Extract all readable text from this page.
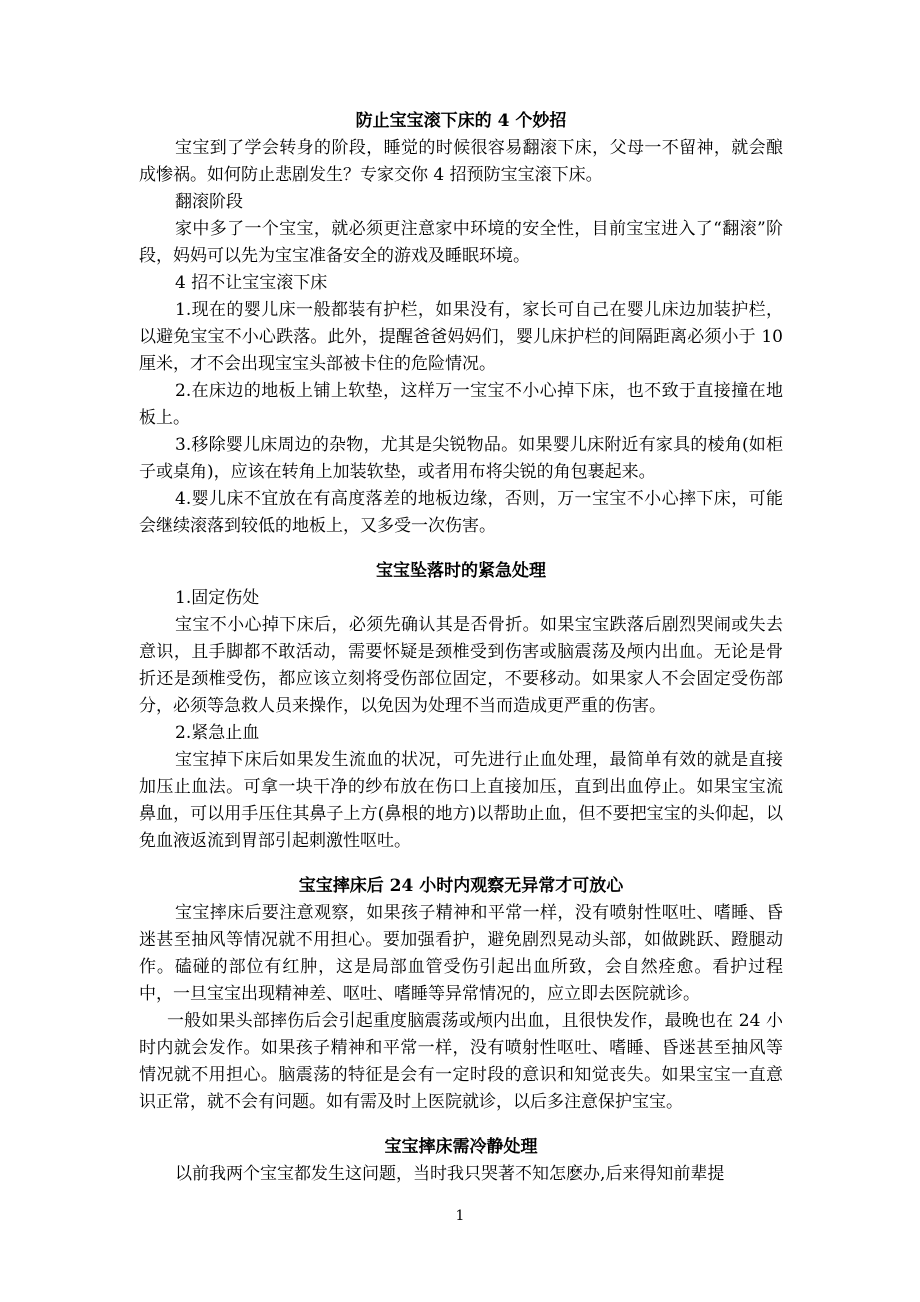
防止宝宝滚下床的 4 个妙招

宝宝到了学会转身的阶段，睡觉的时候很容易翻滚下床，父母一不留神，就会酿成惨祸。如何防止悲剧发生？专家交你 4 招预防宝宝滚下床。

翻滚阶段

家中多了一个宝宝，就必须更注意家中环境的安全性，目前宝宝进入了“翻滚”阶段，妈妈可以先为宝宝准备安全的游戏及睡眠环境。

4 招不让宝宝滚下床

1.现在的婴儿床一般都装有护栏，如果没有，家长可自己在婴儿床边加装护栏，以避免宝宝不小心跌落。此外，提醒爸爸妈妈们，婴儿床护栏的间隔距离必须小于 10 厘米，才不会出现宝宝头部被卡住的危险情况。

2.在床边的地板上铺上软垫，这样万一宝宝不小心掉下床，也不致于直接撞在地板上。

3.移除婴儿床周边的杂物，尤其是尖锐物品。如果婴儿床附近有家具的棱角(如柜子或桌角)，应该在转角上加装软垫，或者用布将尖锐的角包裹起来。

4.婴儿床不宜放在有高度落差的地板边缘，否则，万一宝宝不小心摔下床，可能会继续滚落到较低的地板上，又多受一次伤害。

宝宝坠落时的紧急处理

1.固定伤处

宝宝不小心掉下床后，必须先确认其是否骨折。如果宝宝跌落后剧烈哭闹或失去意识，且手脚都不敢活动，需要怀疑是颈椎受到伤害或脑震荡及颅内出血。无论是骨折还是颈椎受伤，都应该立刻将受伤部位固定，不要移动。如果家人不会固定受伤部分，必须等急救人员来操作，以免因为处理不当而造成更严重的伤害。

2.紧急止血

宝宝掉下床后如果发生流血的状况，可先进行止血处理，最简单有效的就是直接加压止血法。可拿一块干净的纱布放在伤口上直接加压，直到出血停止。如果宝宝流鼻血，可以用手压住其鼻子上方(鼻根的地方)以帮助止血，但不要把宝宝的头仰起，以免血液返流到胃部引起刺激性呕吐。

宝宝摔床后 24 小时内观察无异常才可放心

宝宝摔床后要注意观察，如果孩子精神和平常一样，没有喷射性呕吐、嗜睡、昏迷甚至抽风等情况就不用担心。要加强看护，避免剧烈晃动头部，如做跳跃、蹬腿动作。磕碰的部位有红肿，这是局部血管受伤引起出血所致，会自然痊愈。看护过程中，一旦宝宝出现精神差、呕吐、嗜睡等异常情况的，应立即去医院就诊。

一般如果头部摔伤后会引起重度脑震荡或颅内出血，且很快发作，最晚也在 24 小时内就会发作。如果孩子精神和平常一样，没有喷射性呕吐、嗜睡、昏迷甚至抽风等情况就不用担心。脑震荡的特征是会有一定时段的意识和知觉丧失。如果宝宝一直意识正常，就不会有问题。如有需及时上医院就诊，以后多注意保护宝宝。

宝宝摔床需冷静处理

以前我两个宝宝都发生这问题，当时我只哭著不知怎麽办,后来得知前辈提

1
